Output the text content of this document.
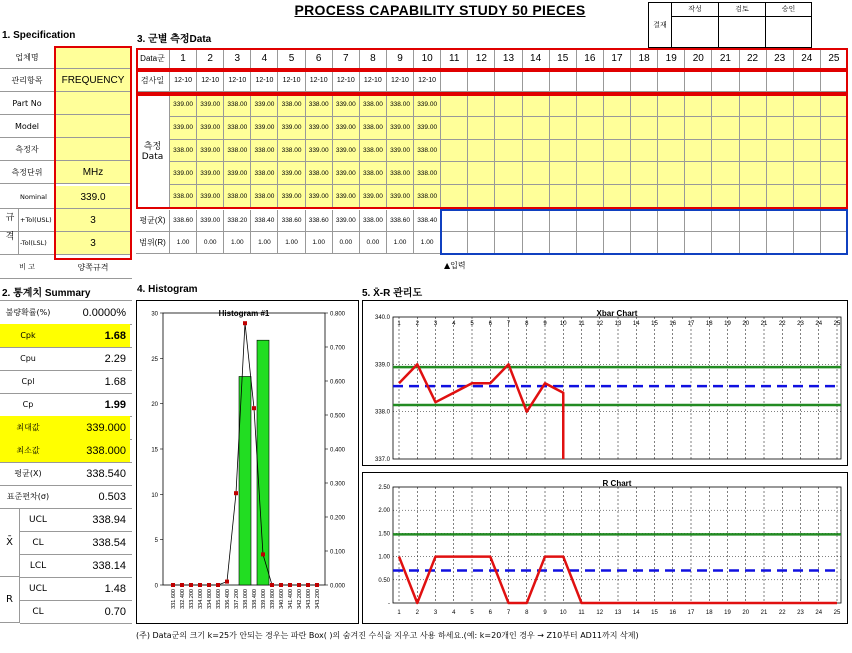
PROCESS CAPABILITY STUDY 50 PIECES
결재
작성	검토	승인
1. Specification	3. 군별 측정Data
2. 통계치 Summary	4. Histogram	5. X̄-R 관리도
업체명
관리항목	FREQUENCY
Part No
Model
측정자
측정단위	MHz
Nominal	339.0
+Tol(USL)	3
-Tol(LSL)	3
규격
비 고	양쪽규격
Data군	1	2	3	4	5	6	7	8	9	10	11	12	13	14	15	16	17	18	19	20	21	22	23	24	25
검사일	12-10	12-10	12-10	12-10	12-10	12-10	12-10	12-10	12-10	12-10
측정
Data
339.00	339.00	338.00	339.00	338.00	338.00	339.00	338.00	338.00	339.00
339.00	339.00	338.00	339.00	339.00	339.00	339.00	338.00	339.00	339.00
338.00	339.00	338.00	338.00	338.00	339.00	339.00	338.00	339.00	338.00
339.00	339.00	339.00	338.00	339.00	338.00	339.00	338.00	338.00	338.00
338.00	339.00	338.00	338.00	339.00	339.00	339.00	339.00	339.00	338.00
평균(X̄)	338.60	339.00	338.20	338.40	338.60	338.60	339.00	338.00	338.60	338.40
범위(R)	1.00	0.00	1.00	1.00	1.00	1.00	0.00	0.00	1.00	1.00
▲입력
불량확률(%)	0.0000%
Cpk	1.68
Cpu	2.29
Cpl	1.68
Cp	1.99
최대값	339.000
최소값	338.000
평균(X)	338.540
표준편차(σ)	0.503
X̄
R
UCL	338.94
CL	338.54
LCL	338.14
UCL	1.48
CL	0.70
Histogram #1
0
5
10
15
20
25
30
0.000
0.100
0.200
0.300
0.400
0.500
0.600
0.700
0.800
331.600 332.400 333.200 334.000 334.800 335.600 336.400 337.200 338.000 338.400 339.000 339.800 340.600 341.400 342.200 343.000 343.200
Xbar Chart
1 2 3 4 5 6 7 8 9 10 11 12 13 14 15 16 17 18 19 20 21 22 23 24 25
337.0
338.0
339.0
340.0
R Chart
1 2 3 4 5 6 7 8 9 10 11 12 13 14 15 16 17 18 19 20 21 22 23 24 25
-
0.50
1.00
1.50
2.00
2.50
(주) Data군의 크기 k=25가 안되는 경우는 파란 Box( )의 숨겨진 수식을 지우고 사용 하세요.(예: k=20개인 경우 → Z10부터 AD11까지 삭제)
